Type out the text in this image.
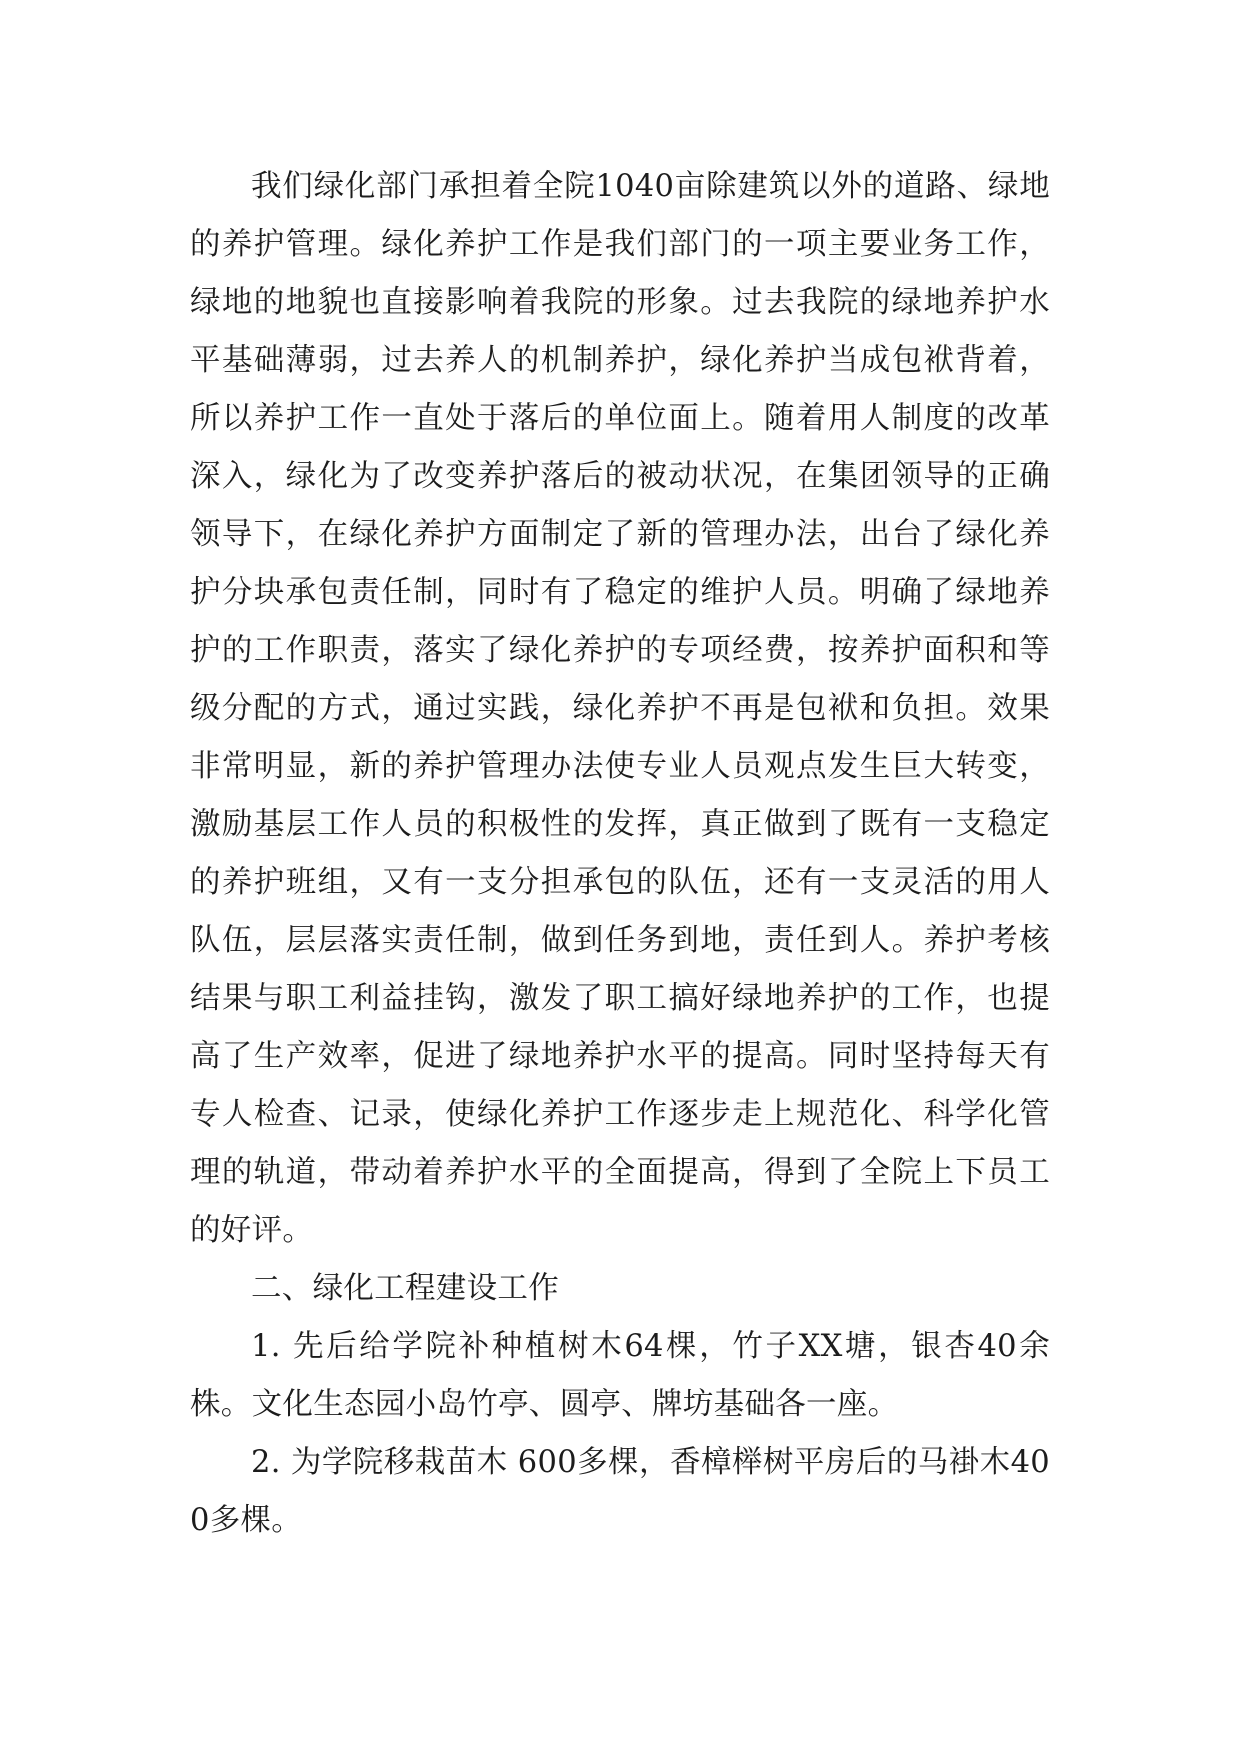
我们绿化部门承担着全院1040亩除建筑以外的道路、绿地的养护管理。绿化养护工作是我们部门的一项主要业务工作，绿地的地貌也直接影响着我院的形象。过去我院的绿地养护水平基础薄弱，过去养人的机制养护，绿化养护当成包袱背着，所以养护工作一直处于落后的单位面上。随着用人制度的改革深入，绿化为了改变养护落后的被动状况，在集团领导的正确领导下，在绿化养护方面制定了新的管理办法，出台了绿化养护分块承包责任制，同时有了稳定的维护人员。明确了绿地养护的工作职责，落实了绿化养护的专项经费，按养护面积和等级分配的方式，通过实践，绿化养护不再是包袱和负担。效果非常明显，新的养护管理办法使专业人员观点发生巨大转变，激励基层工作人员的积极性的发挥，真正做到了既有一支稳定的养护班组，又有一支分担承包的队伍，还有一支灵活的用人队伍，层层落实责任制，做到任务到地，责任到人。养护考核结果与职工利益挂钩，激发了职工搞好绿地养护的工作，也提高了生产效率，促进了绿地养护水平的提高。同时坚持每天有专人检查、记录，使绿化养护工作逐步走上规范化、科学化管理的轨道，带动着养护水平的全面提高，得到了全院上下员工的好评。

二、绿化工程建设工作

1. 先后给学院补种植树木64棵，竹子XX塘，银杏40余株。文化生态园小岛竹亭、圆亭、牌坊基础各一座。

2. 为学院移栽苗木 600多棵，香樟榉树平房后的马褂木400多棵。
